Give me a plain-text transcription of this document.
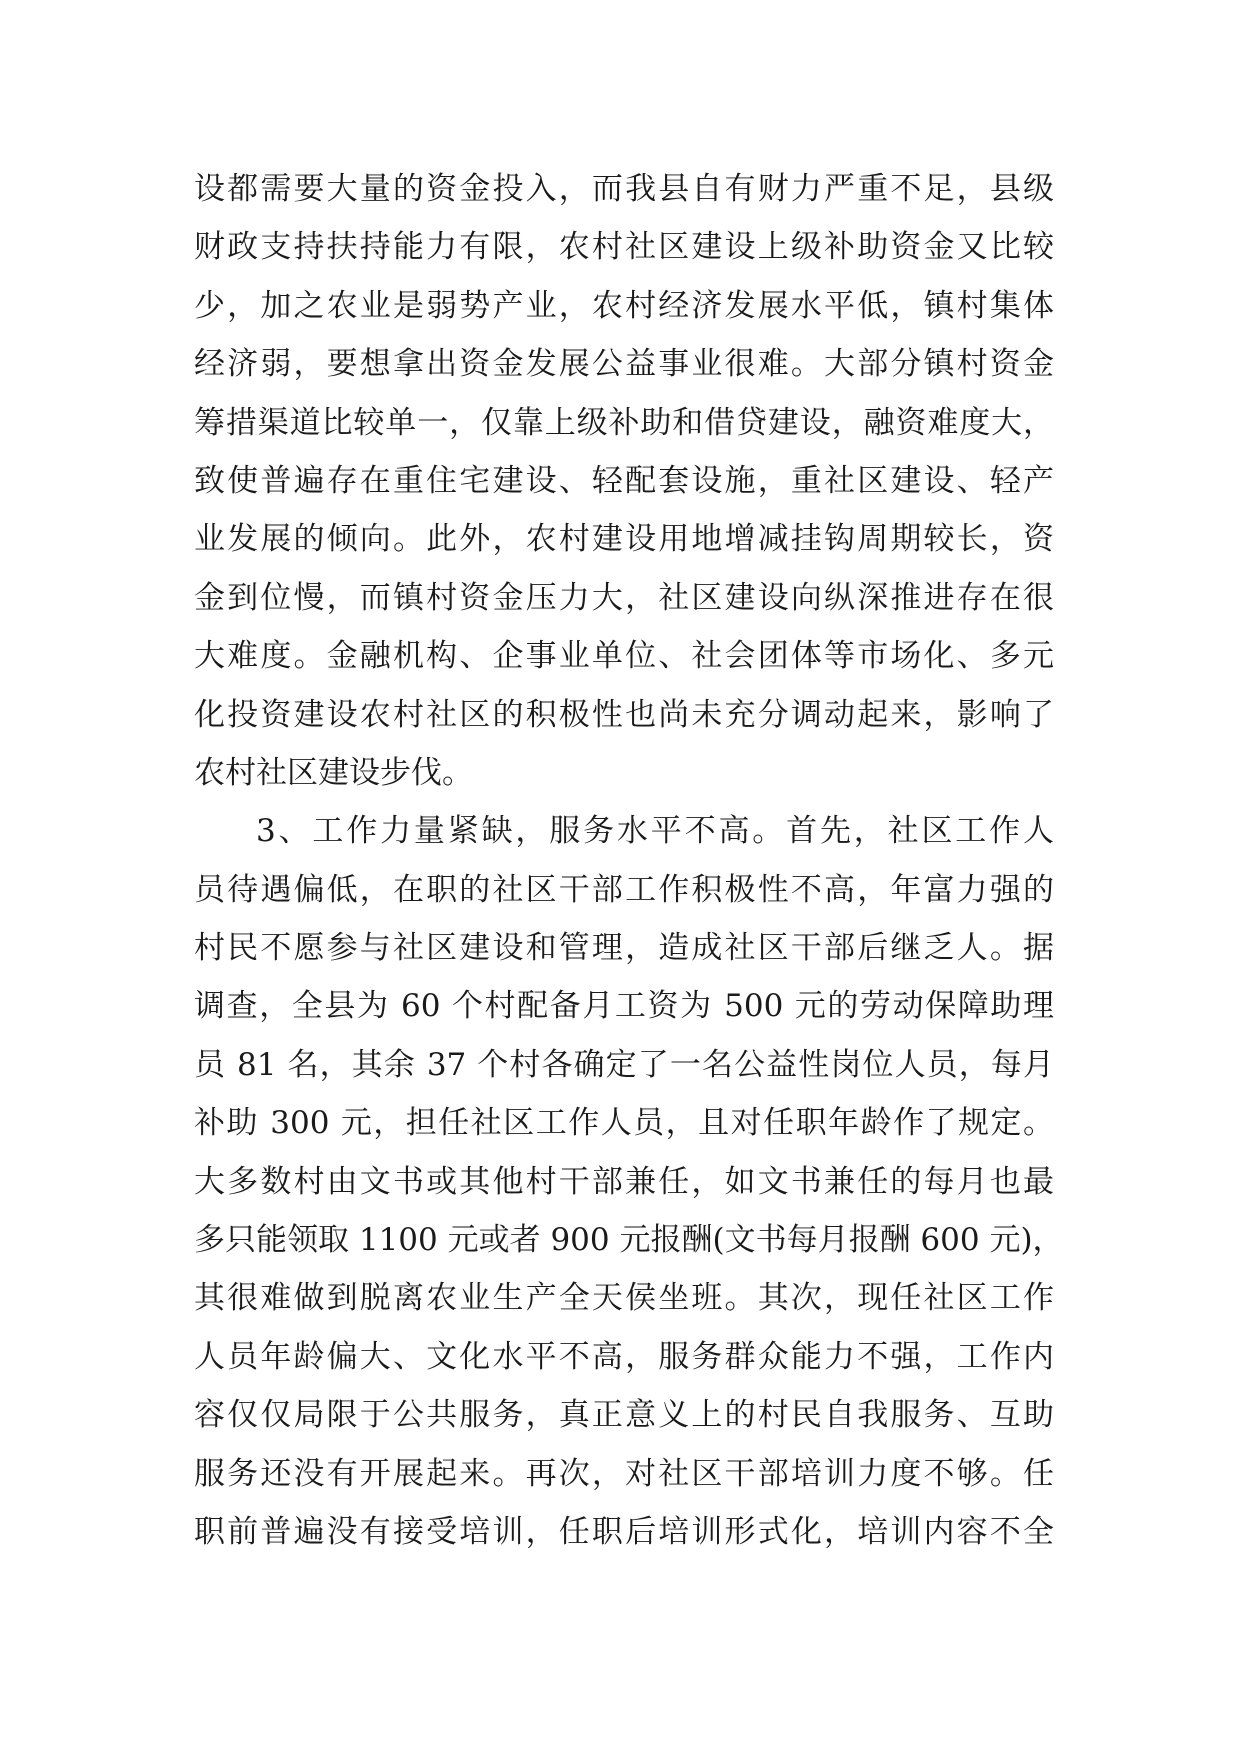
设都需要大量的资金投入，而我县自有财力严重不足，县级
财政支持扶持能力有限，农村社区建设上级补助资金又比较
少，加之农业是弱势产业，农村经济发展水平低，镇村集体
经济弱，要想拿出资金发展公益事业很难。大部分镇村资金
筹措渠道比较单一，仅靠上级补助和借贷建设，融资难度大，
致使普遍存在重住宅建设、轻配套设施，重社区建设、轻产
业发展的倾向。此外，农村建设用地增减挂钩周期较长，资
金到位慢，而镇村资金压力大，社区建设向纵深推进存在很
大难度。金融机构、企事业单位、社会团体等市场化、多元
化投资建设农村社区的积极性也尚未充分调动起来，影响了
农村社区建设步伐。
3、工作力量紧缺，服务水平不高。首先，社区工作人
员待遇偏低，在职的社区干部工作积极性不高，年富力强的
村民不愿参与社区建设和管理，造成社区干部后继乏人。据
调查，全县为 60 个村配备月工资为 500 元的劳动保障助理
员 81 名，其余 37 个村各确定了一名公益性岗位人员，每月
补助 300 元，担任社区工作人员，且对任职年龄作了规定。
大多数村由文书或其他村干部兼任，如文书兼任的每月也最
多只能领取 1100 元或者 900 元报酬(文书每月报酬 600 元)，
其很难做到脱离农业生产全天侯坐班。其次，现任社区工作
人员年龄偏大、文化水平不高，服务群众能力不强，工作内
容仅仅局限于公共服务，真正意义上的村民自我服务、互助
服务还没有开展起来。再次，对社区干部培训力度不够。任
职前普遍没有接受培训，任职后培训形式化，培训内容不全
